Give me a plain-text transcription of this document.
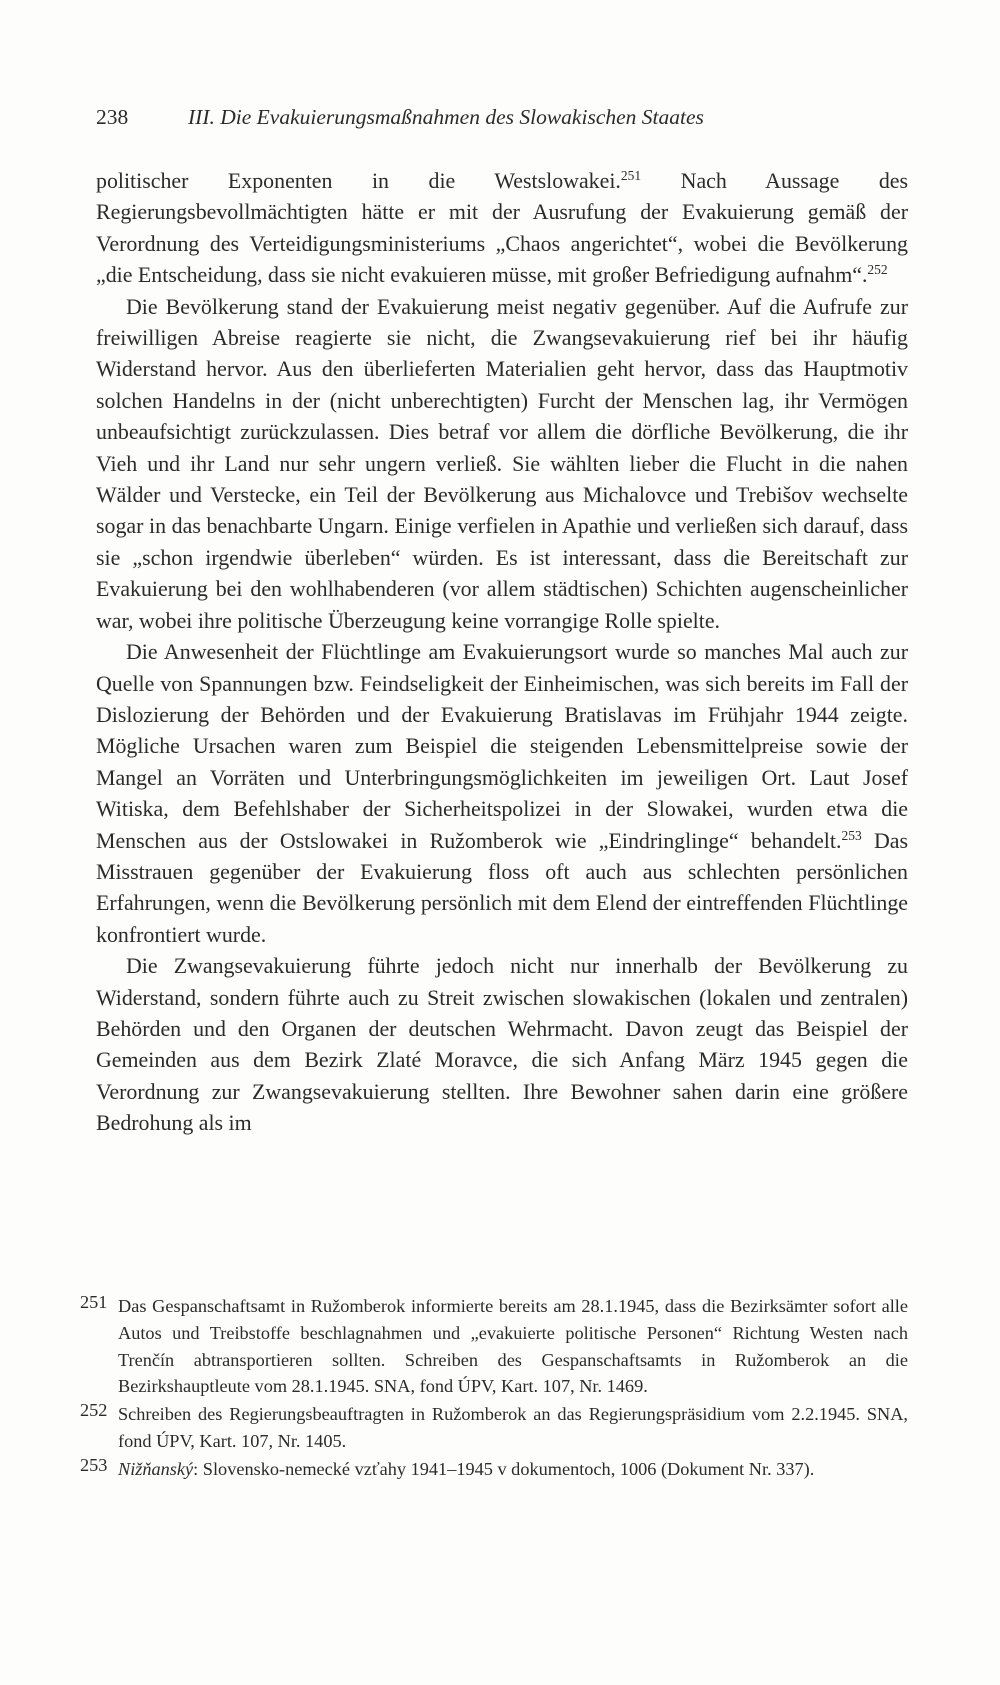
238	III. Die Evakuierungsmaßnahmen des Slowakischen Staates

politischer Exponenten in die Westslowakei.$^{251}$ Nach Aussage des Regierungsbevollmächtigten hätte er mit der Ausrufung der Evakuierung gemäß der Verordnung des Verteidigungsministeriums „Chaos angerichtet“, wobei die Bevölkerung „die Entscheidung, dass sie nicht evakuieren müsse, mit großer Befriedigung aufnahm“.$^{252}$

Die Bevölkerung stand der Evakuierung meist negativ gegenüber. Auf die Aufrufe zur freiwilligen Abreise reagierte sie nicht, die Zwangsevakuierung rief bei ihr häufig Widerstand hervor. Aus den überlieferten Materialien geht hervor, dass das Hauptmotiv solchen Handelns in der (nicht unberechtigten) Furcht der Menschen lag, ihr Vermögen unbeaufsichtigt zurückzulassen. Dies betraf vor allem die dörfliche Bevölkerung, die ihr Vieh und ihr Land nur sehr ungern verließ. Sie wählten lieber die Flucht in die nahen Wälder und Verstecke, ein Teil der Bevölkerung aus Michalovce und Trebišov wechselte sogar in das benachbarte Ungarn. Einige verfielen in Apathie und verließen sich darauf, dass sie „schon irgendwie überleben“ würden. Es ist interessant, dass die Bereitschaft zur Evakuierung bei den wohlhabenderen (vor allem städtischen) Schichten augenscheinlicher war, wobei ihre politische Überzeugung keine vorrangige Rolle spielte.

Die Anwesenheit der Flüchtlinge am Evakuierungsort wurde so manches Mal auch zur Quelle von Spannungen bzw. Feindseligkeit der Einheimischen, was sich bereits im Fall der Dislozierung der Behörden und der Evakuierung Bratislavas im Frühjahr 1944 zeigte. Mögliche Ursachen waren zum Beispiel die steigenden Lebensmittelpreise sowie der Mangel an Vorräten und Unterbringungsmöglichkeiten im jeweiligen Ort. Laut Josef Witiska, dem Befehlshaber der Sicherheitspolizei in der Slowakei, wurden etwa die Menschen aus der Ostslowakei in Ružomberok wie „Eindringlinge“ behandelt.$^{253}$ Das Misstrauen gegenüber der Evakuierung floss oft auch aus schlechten persönlichen Erfahrungen, wenn die Bevölkerung persönlich mit dem Elend der eintreffenden Flüchtlinge konfrontiert wurde.

Die Zwangsevakuierung führte jedoch nicht nur innerhalb der Bevölkerung zu Widerstand, sondern führte auch zu Streit zwischen slowakischen (lokalen und zentralen) Behörden und den Organen der deutschen Wehrmacht. Davon zeugt das Beispiel der Gemeinden aus dem Bezirk Zlaté Moravce, die sich Anfang März 1945 gegen die Verordnung zur Zwangsevakuierung stellten. Ihre Bewohner sahen darin eine größere Bedrohung als im

251 Das Gespanschaftsamt in Ružomberok informierte bereits am 28.1.1945, dass die Bezirksämter sofort alle Autos und Treibstoffe beschlagnahmen und „evakuierte politische Personen“ Richtung Westen nach Trenčín abtransportieren sollten. Schreiben des Gespanschaftsamts in Ružomberok an die Bezirkshauptleute vom 28.1.1945. SNA, fond ÚPV, Kart. 107, Nr. 1469.
252 Schreiben des Regierungsbeauftragten in Ružomberok an das Regierungspräsidium vom 2.2.1945. SNA, fond ÚPV, Kart. 107, Nr. 1405.
253 Nižňanský: Slovensko-nemecké vzťahy 1941–1945 v dokumentoch, 1006 (Dokument Nr. 337).
